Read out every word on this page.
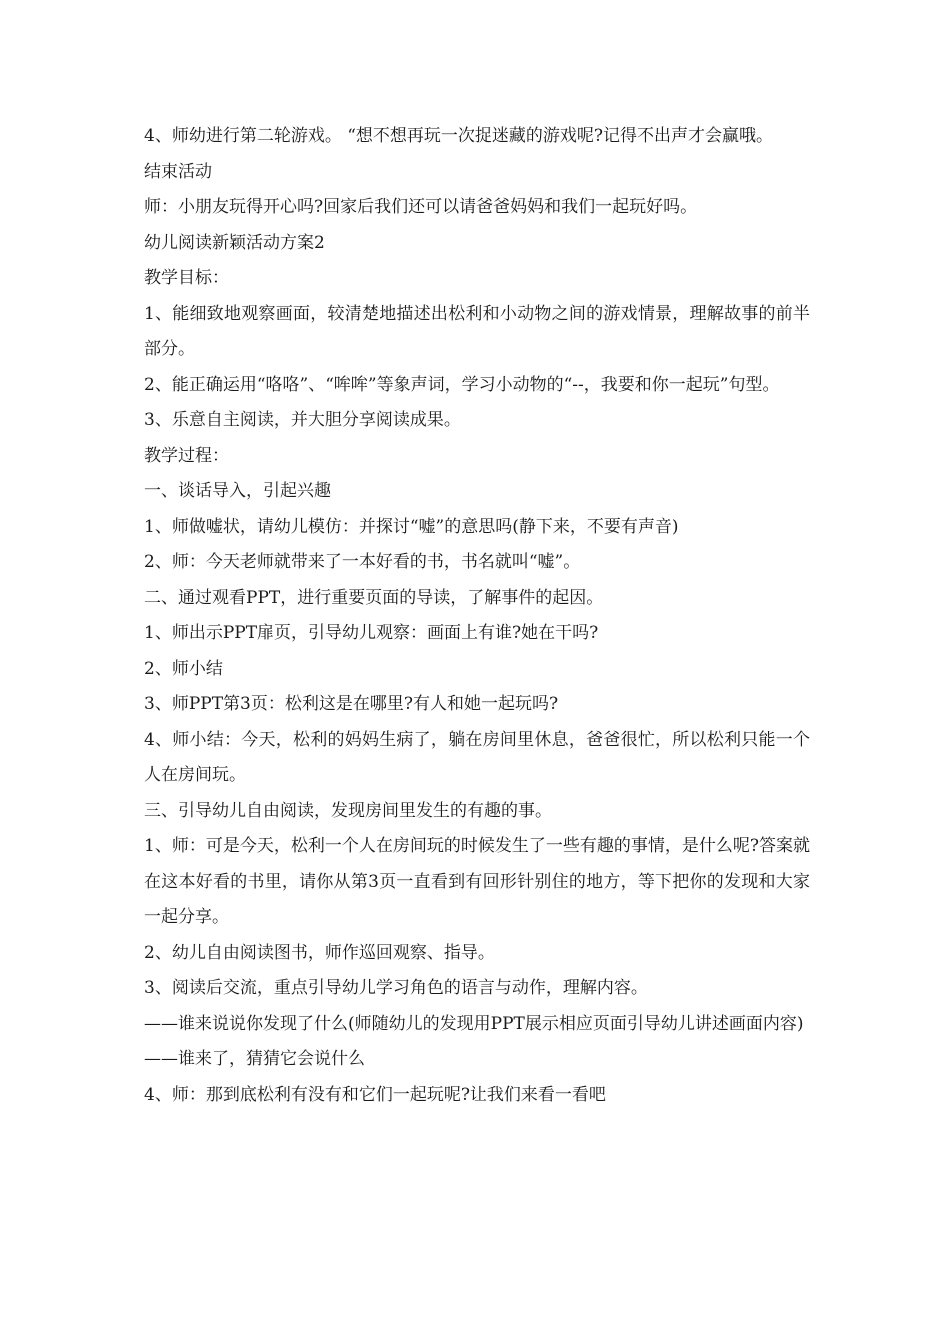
4、师幼进行第二轮游戏。 “想不想再玩一次捉迷藏的游戏呢?记得不出声才会赢哦。

结束活动

师：小朋友玩得开心吗?回家后我们还可以请爸爸妈妈和我们一起玩好吗。

幼儿阅读新颖活动方案2

教学目标：

1、能细致地观察画面，较清楚地描述出松利和小动物之间的游戏情景，理解故事的前半部分。

2、能正确运用“咯咯”、“哞哞”等象声词，学习小动物的“--，我要和你一起玩”句型。

3、乐意自主阅读，并大胆分享阅读成果。

教学过程：

一、谈话导入，引起兴趣

1、师做嘘状，请幼儿模仿：并探讨“嘘”的意思吗(静下来，不要有声音)

2、师：今天老师就带来了一本好看的书，书名就叫“嘘”。

二、通过观看PPT，进行重要页面的导读，了解事件的起因。

1、师出示PPT扉页，引导幼儿观察：画面上有谁?她在干吗?

2、师小结

3、师PPT第3页：松利这是在哪里?有人和她一起玩吗?

4、师小结：今天，松利的妈妈生病了，躺在房间里休息，爸爸很忙，所以松利只能一个人在房间玩。

三、引导幼儿自由阅读，发现房间里发生的有趣的事。

1、师：可是今天，松利一个人在房间玩的时候发生了一些有趣的事情，是什么呢?答案就在这本好看的书里，请你从第3页一直看到有回形针别住的地方，等下把你的发现和大家一起分享。

2、幼儿自由阅读图书，师作巡回观察、指导。

3、阅读后交流，重点引导幼儿学习角色的语言与动作，理解内容。

——谁来说说你发现了什么(师随幼儿的发现用PPT展示相应页面引导幼儿讲述画面内容)

——谁来了，猜猜它会说什么

4、师：那到底松利有没有和它们一起玩呢?让我们来看一看吧
